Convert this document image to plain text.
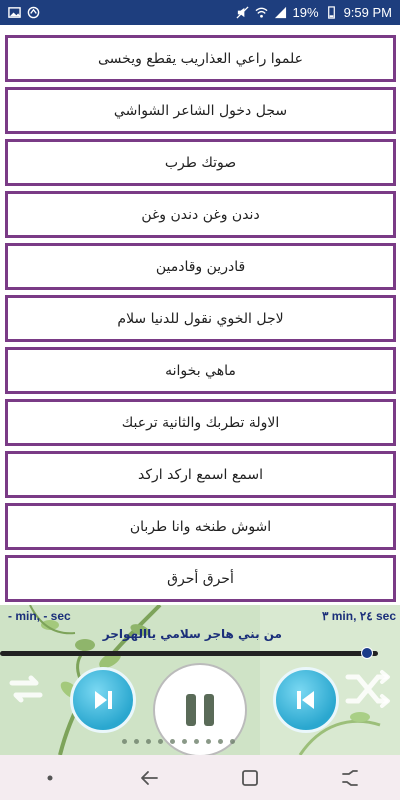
19% 9:59 PM
علموا راعي العذاريب يقطع ويخسى
سجل دخول الشاعر الشواشي
صوتك طرب
دندن وغن دندن وغن
قادرين وقادمين
لاجل الخوي نقول للدنيا سلام
ماهي بخوانه
الاولة تطربك والثانية ترعبك
اسمع اسمع اركد اركد
اشوش طنخه وانا طربان
أحرق أحرق
- min, - sec	٣ min, ٢٤ sec
من بني هاجر سلامي ياالهواجر
